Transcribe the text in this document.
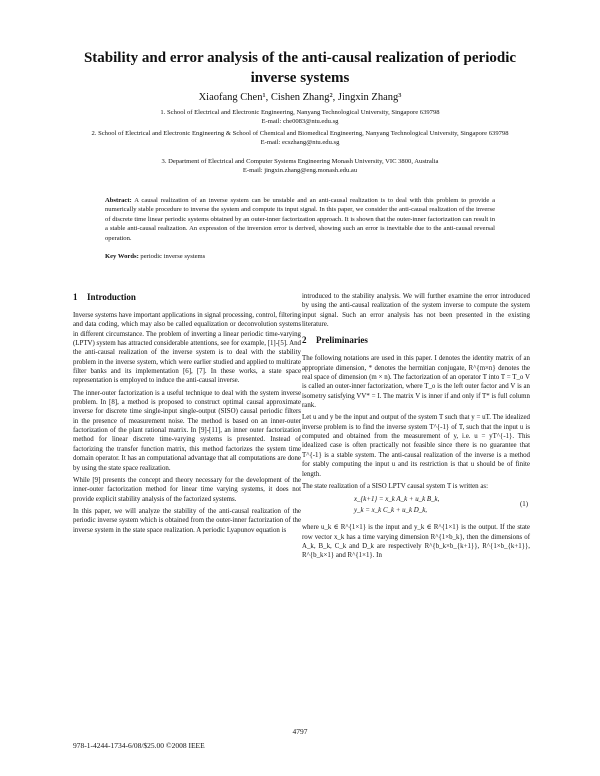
Stability and error analysis of the anti-causal realization of periodic inverse systems
Xiaofang Chen¹, Cishen Zhang², Jingxin Zhang³
1. School of Electrical and Electronic Engineering, Nanyang Technological University, Singapore 639798
E-mail: che0083@ntu.edu.sg
2. School of Electrical and Electronic Engineering & School of Chemical and Biomedical Engineering, Nanyang Technological University, Singapore 639798
E-mail: ecszhang@ntu.edu.sg
3. Department of Electrical and Computer Systems Engineering Monash University, VIC 3800, Australia
E-mail: jingxin.zhang@eng.monash.edu.au
Abstract: A causal realization of an inverse system can be unstable and an anti-causal realization is to deal with this problem to provide a numerically stable procedure to inverse the system and compute its input signal. In this paper, we consider the anti-causal realization of the inverse of discrete time linear periodic systems obtained by an outer-inner factorization approach. It is shown that the outer-inner factorization can result in a stable anti-causal realization. An expression of the inversion error is derived, showing such an error is inevitable due to the anti-causal reversal operation.
Key Words: periodic inverse systems
1 Introduction

Inverse systems have important applications in signal processing, control, filtering and data coding, which may also be called equalization or deconvolution systems in different circumstance. The problem of inverting a linear periodic time-varying (LPTV) system has attracted considerable attentions, see for example, [1]-[5]. And the anti-causal realization of the inverse system is to deal with the stability problem in the inverse system, which were earlier studied and applied to multirate filter banks and its implementation [6], [7]. In these works, a state space representation is employed to induce the anti-causal inverse.

The inner-outer factorization is a useful technique to deal with the system inverse problem. In [8], a method is proposed to construct optimal causal approximate inverse for discrete time single-input single-output (SISO) causal periodic filters in the presence of measurement noise. The method is based on an inner-outer factorization of the plant rational matrix. In [9]-[11], an inner outer factorization method for linear discrete time-varying systems is presented. Instead of factorizing the transfer function matrix, this method factorizes the system time domain operator. It has an computational advantage that all computations are done by using the state space realization.

While [9] presents the concept and theory necessary for the development of the inner-outer factorization method for linear time varying systems, it does not provide explicit stability analysis of the factorized systems.

In this paper, we will analyze the stability of the anti-causal realization of the periodic inverse system which is obtained from the outer-inner factorization of the inverse system in the state space realization. A periodic Lyapunov equation is

introduced to the stability analysis. We will further examine the error introduced by using the anti-causal realization of the system inverse to compute the system input signal. Such an error analysis has not been presented in the existing literature.

2 Preliminaries

The following notations are used in this paper. I denotes the identity matrix of an appropriate dimension, * denotes the hermitian conjugate, R^{m×n} denotes the real space of dimension (m × n). The factorization of an operator T into T = T_o V is called an outer-inner factorization, where T_o is the left outer factor and V is an isometry satisfying VV* = I. The matrix V is inner if and only if T* is full column rank.

Let u and y be the input and output of the system T such that y = uT. The idealized inverse problem is to find the inverse system T^{-1} of T, such that the input u is computed and obtained from the measurement of y, i.e. u = yT^{-1}. This idealized case is often practically not feasible since there is no guarantee that T^{-1} is a stable system. The anti-causal realization of the inverse is a method for stably computing the input u and its restriction is that u should be of finite length.

The state realization of a SISO LPTV causal system T is written as:

x_{k+1} = x_k A_k + u_k B_k,
y_k = x_k C_k + u_k D_k,
(1)

where u_k ∈ R^{1×1} is the input and y_k ∈ R^{1×1} is the output. If the state row vector x_k has a time varying dimension R^{1×b_k}, then the dimensions of A_k, B_k, C_k and D_k are respectively R^{b_k×b_{k+1}}, R^{1×b_{k+1}}, R^{b_k×1} and R^{1×1}. In

4797
978-1-4244-1734-6/08/$25.00 ©2008 IEEE
